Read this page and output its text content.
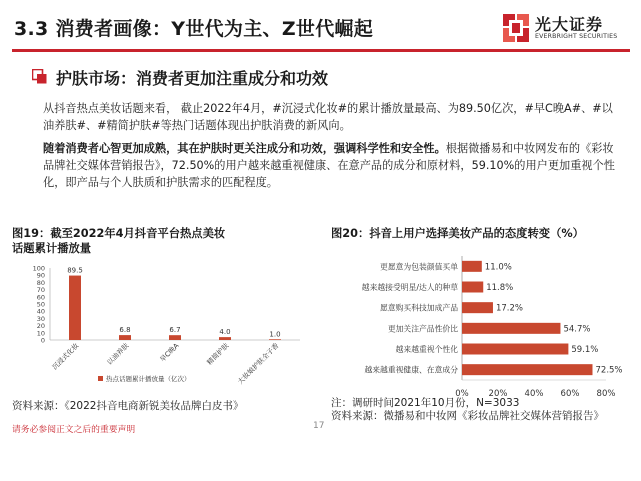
3.3 消费者画像：Y世代为主、Z世代崛起	光大证券
EVERBRIGHT SECURITIES
护肤市场：消费者更加注重成分和功效
从抖音热点美妆话题来看， 截止2022年4月，#沉浸式化妆#的累计播放量最高、为89.50亿次，#早C晚A#、#以油养肤#、#精简护肤#等热门话题体现出护肤消费的新风向。
随着消费者心智更加成熟，其在护肤时更关注成分和功效，强调科学性和安全性。根据微播易和中妆网发布的《彩妆品牌社交媒体营销报告》，72.50%的用户越来越重视健康、在意产品的成分和原材料，59.10%的用户更加重视个性化，即产品与个人肤质和护肤需求的匹配程度。
图19：截至2022年4月抖音平台热点美妆话题累计播放量
图20：抖音上用户选择美妆产品的态度转变（%）
100
90
80
70
60
50
40
30
20
10
0
89.5
沉浸式化妆
6.8
以油养肤
6.7
早C晚A
4.0
精简护肤
1.0
大妆娘护肤全子香
热点话题累计播放量（亿次）
0% 20% 40% 60% 80%
11.0%
更愿意为包装颜值买单
11.8%
越来越接受明星/达人的种草
17.2%
愿意购买科技加成产品
54.7%
更加关注产品性价比
59.1%
越来越重视个性化
72.5%
越来越重视健康、在意成分
资料来源：《2022抖音电商新锐美妆品牌白皮书》	注：调研时间2021年10月份，N=3033
资料来源：微播易和中妆网《彩妆品牌社交媒体营销报告》
请务必参阅正文之后的重要声明	17
